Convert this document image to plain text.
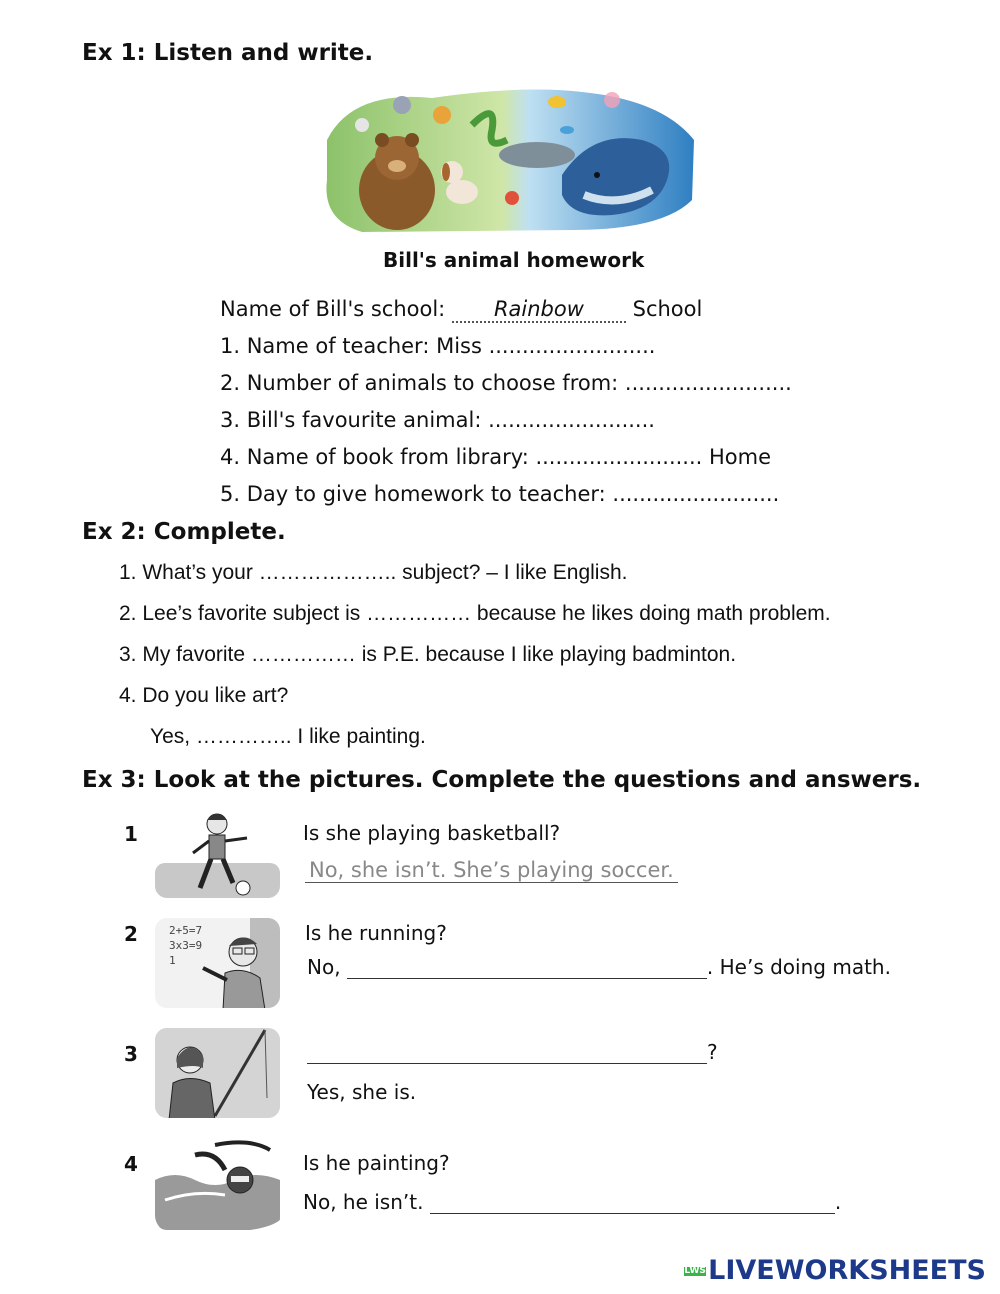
Ex 1: Listen and write.
Bill's animal homework
Name of Bill's school: Rainbow School
1. Name of teacher: Miss .........................
2. Number of animals to choose from: .........................
3. Bill's favourite animal: .........................
4. Name of book from library: ......................... Home
5. Day to give homework to teacher: .........................
Ex 2: Complete.
1. What’s your ……………….. subject? – I like English.
2. Lee’s favorite subject is …………… because he likes doing math problem.
3. My favorite …………… is P.E. because I like playing badminton.
4. Do you like art?
Yes, ………….. I like painting.
Ex 3: Look at the pictures. Complete the questions and answers.
1	Is she playing basketball?
No, she isn’t. She’s playing soccer.
2	2+5=7
3x3=9
1
Is he running?
No,	. He’s doing math.
3	?
Yes, she is.
4	Is he painting?
No, he isn’t.	.
LWSLIVEWORKSHEETS
